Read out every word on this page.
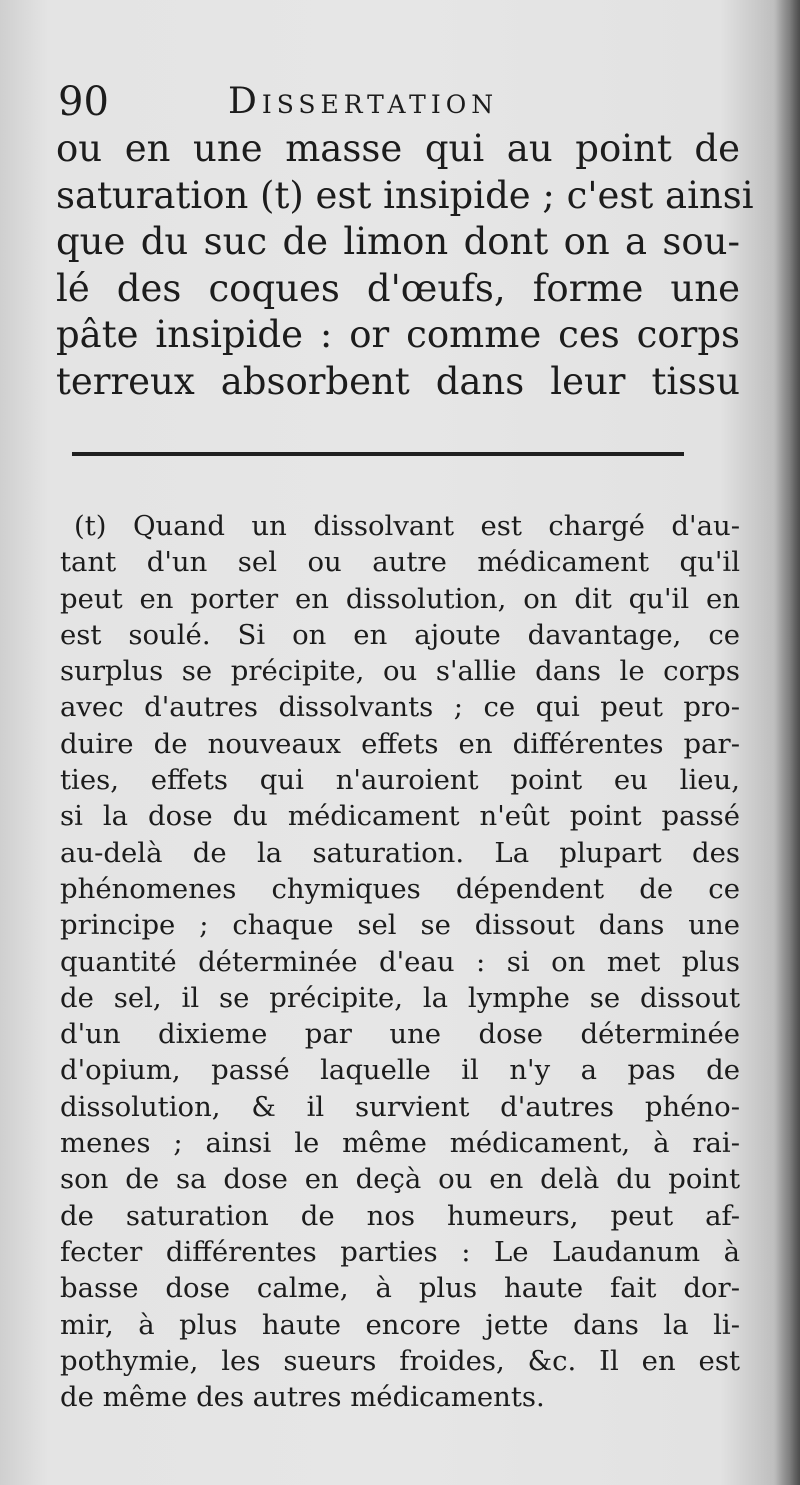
90	Dissertation
ou en une masse qui au point de
saturation (t) est insipide ; c'est ainsi
que du suc de limon dont on a sou-
lé des coques d'œufs, forme une
pâte insipide : or comme ces corps
terreux absorbent dans leur tissu
(t) Quand un dissolvant est chargé d'au-
tant d'un sel ou autre médicament qu'il
peut en porter en dissolution, on dit qu'il en
est soulé. Si on en ajoute davantage, ce
surplus se précipite, ou s'allie dans le corps
avec d'autres dissolvants ; ce qui peut pro-
duire de nouveaux effets en différentes par-
ties, effets qui n'auroient point eu lieu,
si la dose du médicament n'eût point passé
au-delà de la saturation. La plupart des
phénomenes chymiques dépendent de ce
principe ; chaque sel se dissout dans une
quantité déterminée d'eau : si on met plus
de sel, il se précipite, la lymphe se dissout
d'un dixieme par une dose déterminée
d'opium, passé laquelle il n'y a pas de
dissolution, & il survient d'autres phéno-
menes ; ainsi le même médicament, à rai-
son de sa dose en deçà ou en delà du point
de saturation de nos humeurs, peut af-
fecter différentes parties : Le Laudanum à
basse dose calme, à plus haute fait dor-
mir, à plus haute encore jette dans la li-
pothymie, les sueurs froides, &c. Il en est
de même des autres médicaments.
